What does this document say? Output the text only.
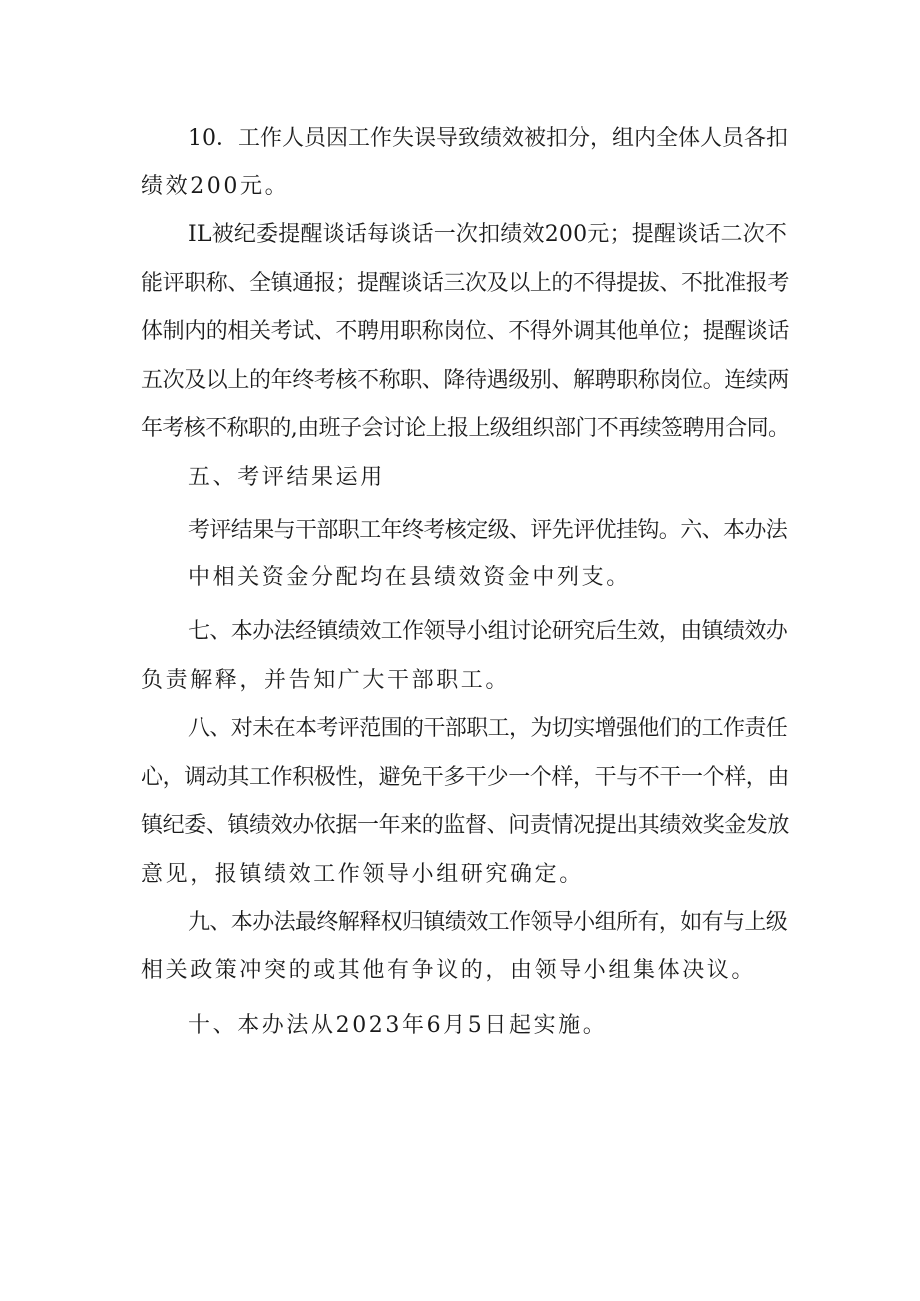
10．工作人员因工作失误导致绩效被扣分，组内全体人员各扣
绩效200元。
IL被纪委提醒谈话每谈话一次扣绩效200元；提醒谈话二次不
能评职称、全镇通报；提醒谈话三次及以上的不得提拔、不批准报考
体制内的相关考试、不聘用职称岗位、不得外调其他单位；提醒谈话
五次及以上的年终考核不称职、降待遇级别、解聘职称岗位。连续两
年考核不称职的,由班子会讨论上报上级组织部门不再续签聘用合同。
五、考评结果运用
考评结果与干部职工年终考核定级、评先评优挂钩。六、本办法
中相关资金分配均在县绩效资金中列支。
七、本办法经镇绩效工作领导小组讨论研究后生效，由镇绩效办
负责解释，并告知广大干部职工。
八、对未在本考评范围的干部职工，为切实增强他们的工作责任
心，调动其工作积极性，避免干多干少一个样，干与不干一个样，由
镇纪委、镇绩效办依据一年来的监督、问责情况提出其绩效奖金发放
意见，报镇绩效工作领导小组研究确定。
九、本办法最终解释权归镇绩效工作领导小组所有，如有与上级
相关政策冲突的或其他有争议的，由领导小组集体决议。
十、本办法从2023年6月5日起实施。
